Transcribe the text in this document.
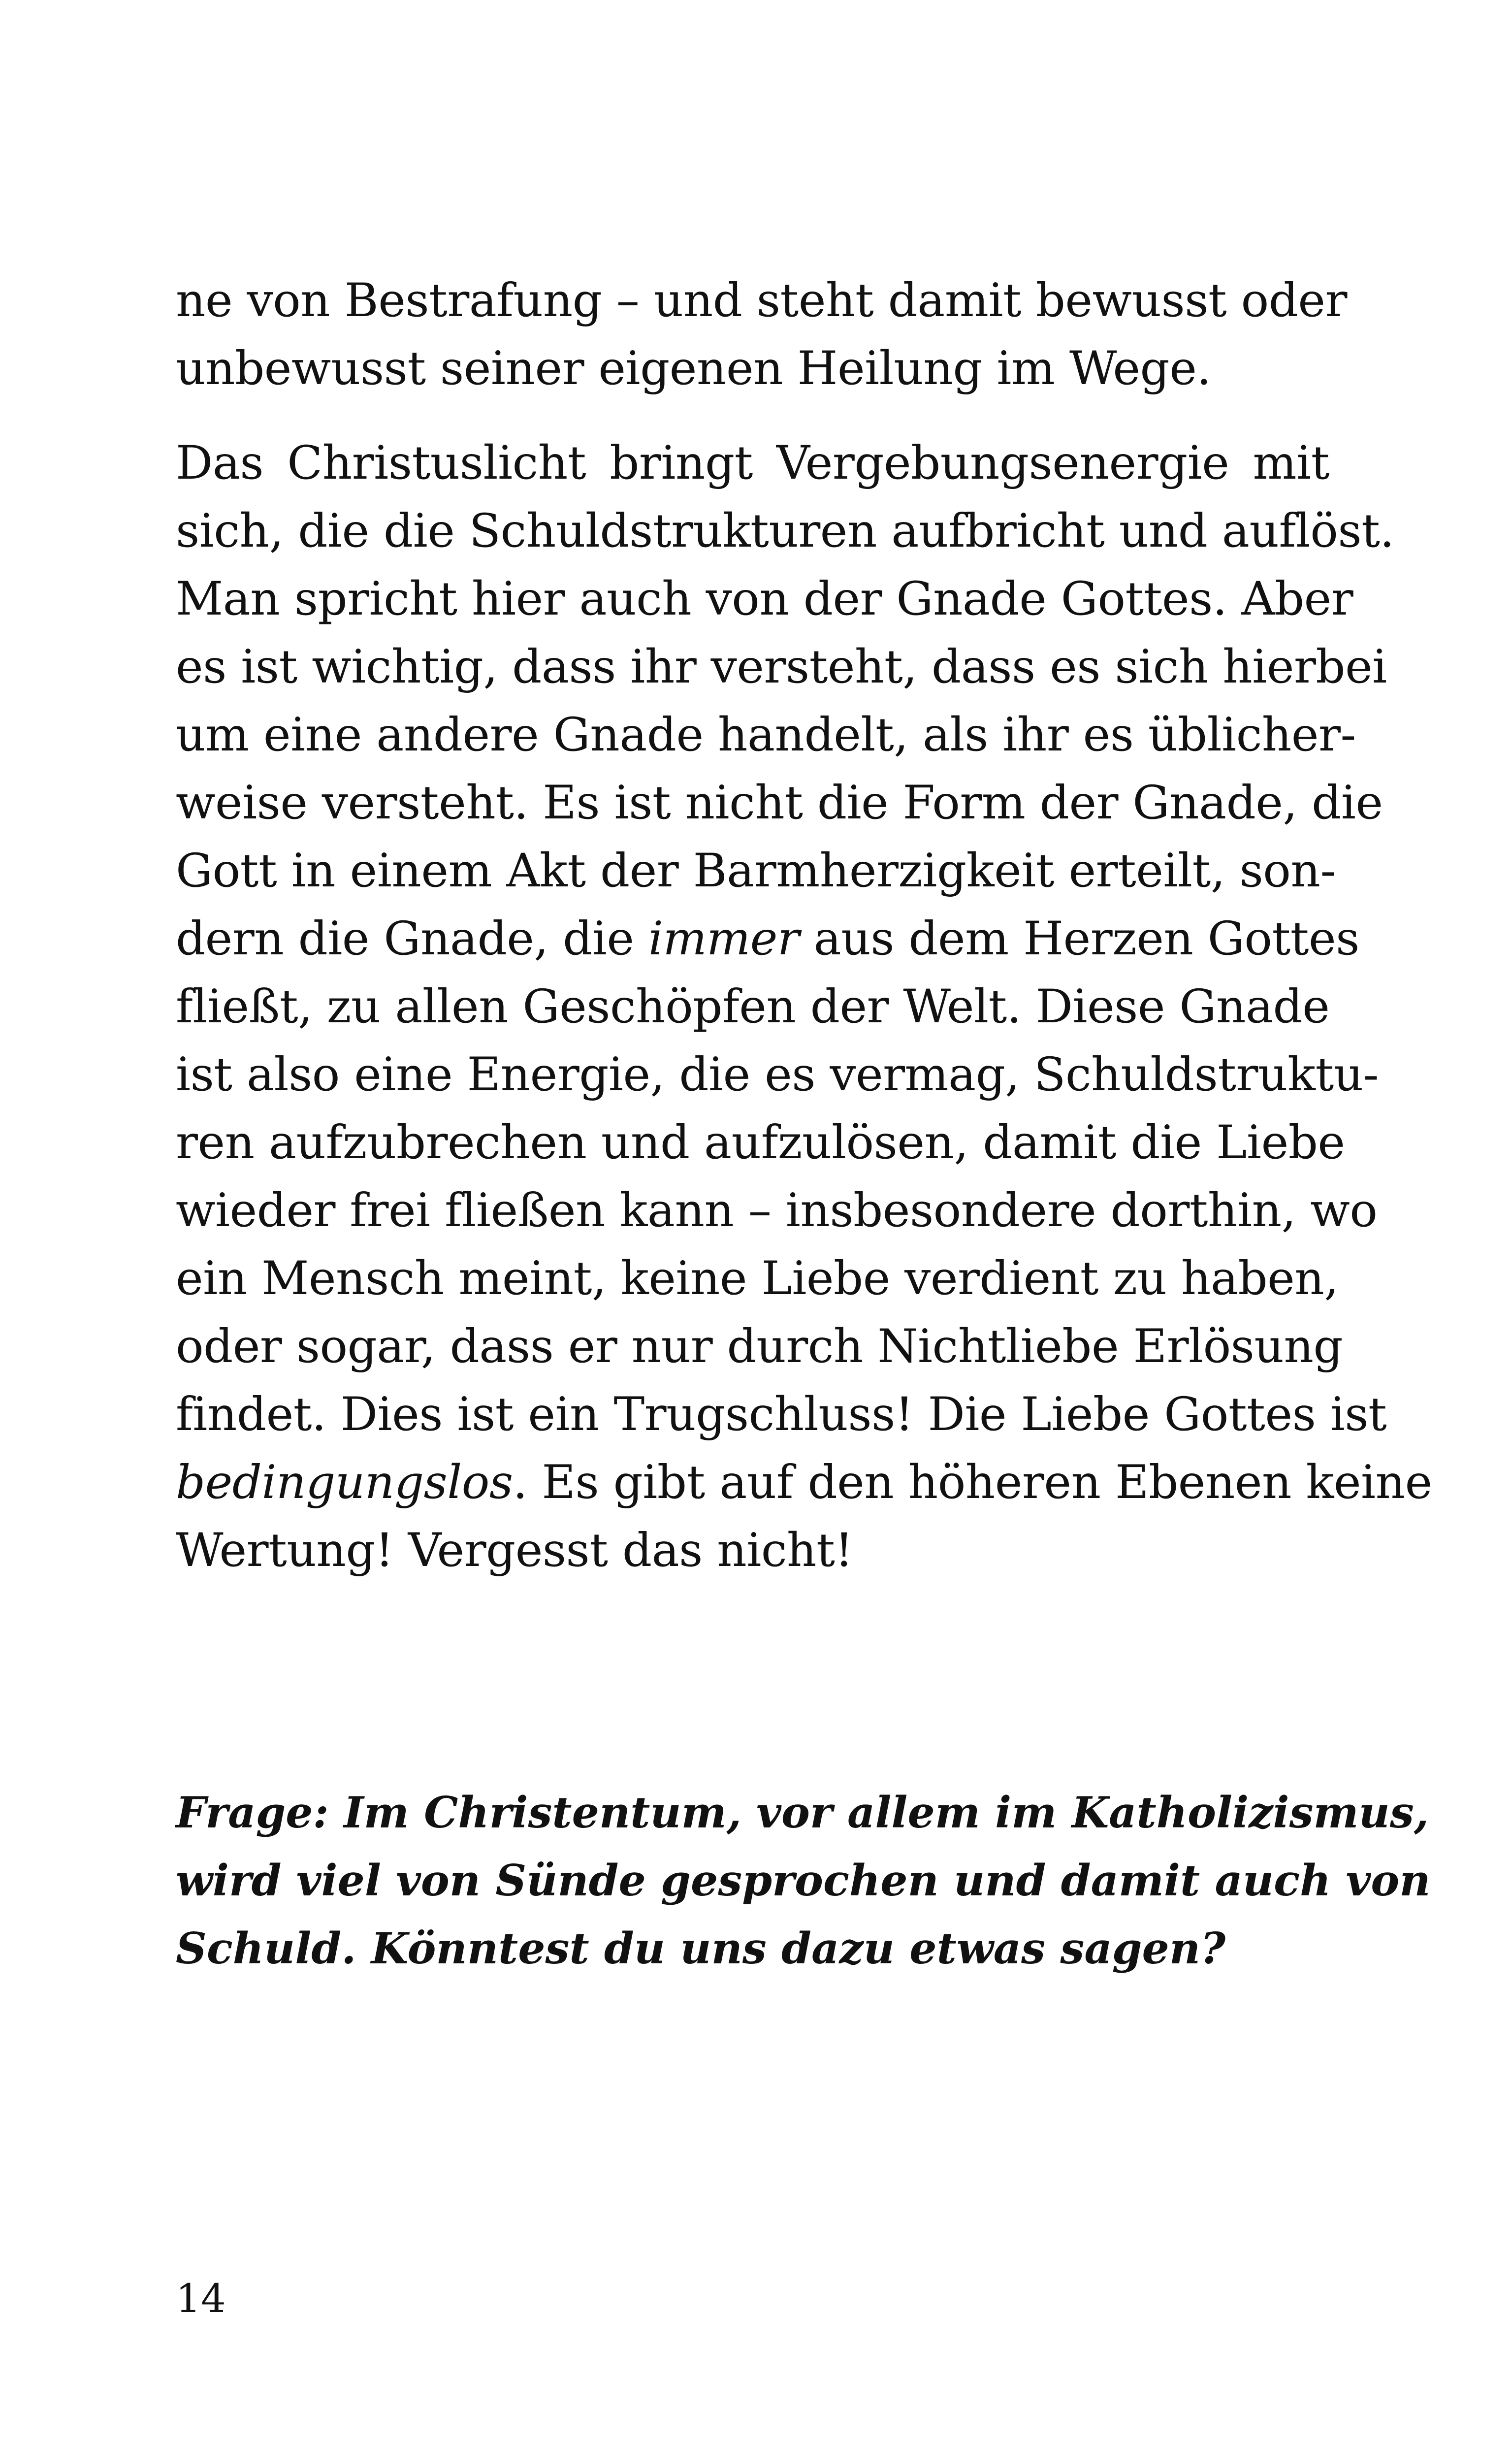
ne von Bestrafung – und steht damit bewusst oder
unbewusst seiner eigenen Heilung im Wege.
Das Christuslicht bringt Vergebungsenergie mit
sich, die die Schuldstrukturen aufbricht und auflöst.
Man spricht hier auch von der Gnade Gottes. Aber
es ist wichtig, dass ihr versteht, dass es sich hierbei
um eine andere Gnade handelt, als ihr es üblicher-
weise versteht. Es ist nicht die Form der Gnade, die
Gott in einem Akt der Barmherzigkeit erteilt, son-
dern die Gnade, die immer aus dem Herzen Gottes
fließt, zu allen Geschöpfen der Welt. Diese Gnade
ist also eine Energie, die es vermag, Schuldstruktu-
ren aufzubrechen und aufzulösen, damit die Liebe
wieder frei fließen kann – insbesondere dorthin, wo
ein Mensch meint, keine Liebe verdient zu haben,
oder sogar, dass er nur durch Nichtliebe Erlösung
findet. Dies ist ein Trugschluss! Die Liebe Gottes ist
bedingungslos. Es gibt auf den höheren Ebenen keine
Wertung! Vergesst das nicht!
Frage: Im Christentum, vor allem im Katholizismus,
wird viel von Sünde gesprochen und damit auch von
Schuld. Könntest du uns dazu etwas sagen?
14
